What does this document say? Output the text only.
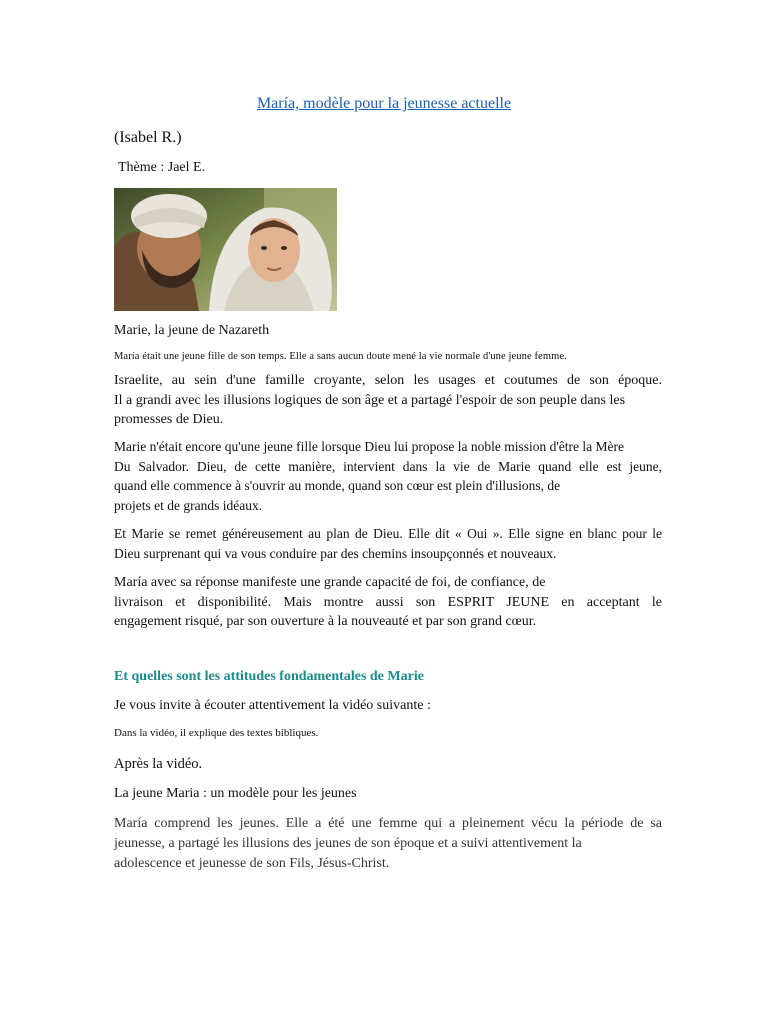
María, modèle pour la jeunesse actuelle
(Isabel R.)
Thème : Jael E.

Marie, la jeune de Nazareth

María était une jeune fille de son temps. Elle a sans aucun doute mené la vie normale d'une jeune femme.

Israelite, au sein d'une famille croyante, selon les usages et coutumes de son époque.
Il a grandi avec les illusions logiques de son âge et a partagé l'espoir de son peuple dans les
promesses de Dieu.
Marie n'était encore qu'une jeune fille lorsque Dieu lui propose la noble mission d'être la Mère
Du Salvador. Dieu, de cette manière, intervient dans la vie de Marie quand elle est jeune,
quand elle commence à s'ouvrir au monde, quand son cœur est plein d'illusions, de
projets et de grands idéaux.
Et Marie se remet généreusement au plan de Dieu. Elle dit « Oui ». Elle signe en blanc pour le
Dieu surprenant qui va vous conduire par des chemins insoupçonnés et nouveaux.
María avec sa réponse manifeste une grande capacité de foi, de confiance, de
livraison et disponibilité. Mais montre aussi son ESPRIT JEUNE en acceptant le
engagement risqué, par son ouverture à la nouveauté et par son grand cœur.

Et quelles sont les attitudes fondamentales de Marie

Je vous invite à écouter attentivement la vidéo suivante :

Dans la vidéo, il explique des textes bibliques.

Après la vidéo.

La jeune Maria : un modèle pour les jeunes

María comprend les jeunes. Elle a été une femme qui a pleinement vécu la période de sa
jeunesse, a partagé les illusions des jeunes de son époque et a suivi attentivement la
adolescence et jeunesse de son Fils, Jésus-Christ.
